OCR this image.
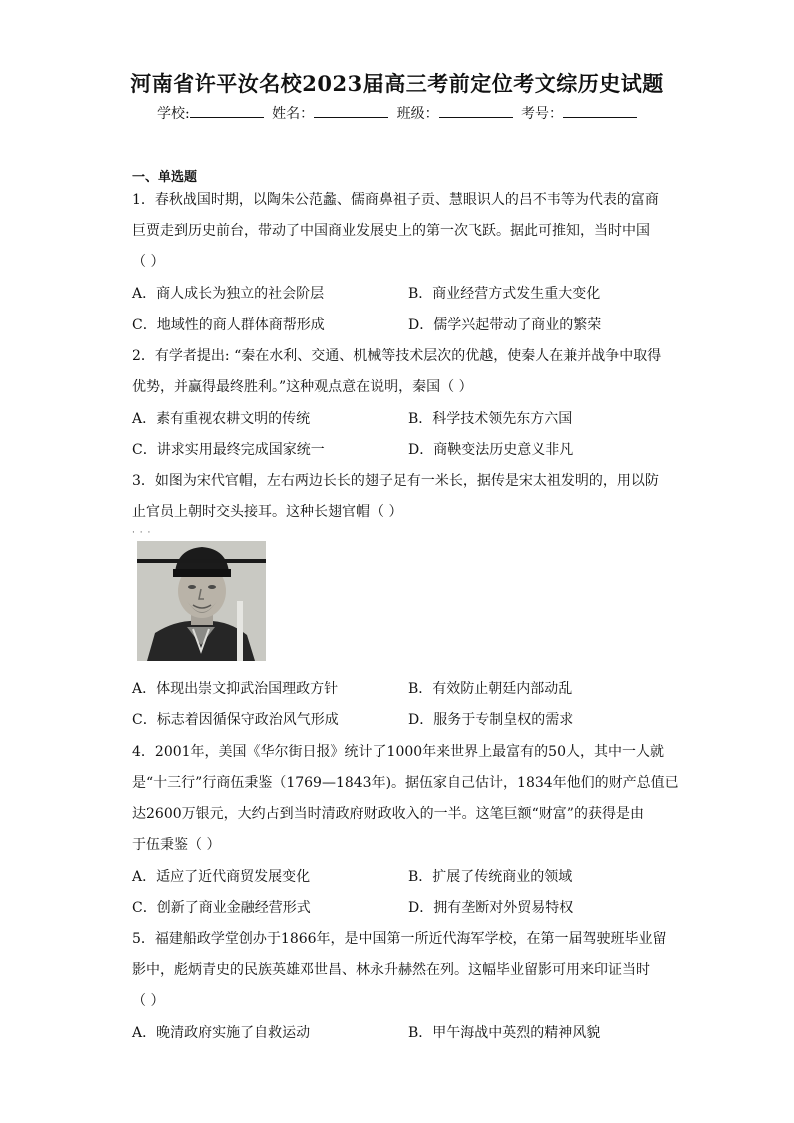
河南省许平汝名校2023届高三考前定位考文综历史试题
学校:	姓名：	班级：	考号：
一、单选题

1．春秋战国时期，以陶朱公范蠡、儒商鼻祖子贡、慧眼识人的吕不韦等为代表的富商

巨贾走到历史前台，带动了中国商业发展史上的第一次飞跃。据此可推知，当时中国

（ ）

A．商人成长为独立的社会阶层	B．商业经营方式发生重大变化
C．地域性的商人群体商帮形成	D．儒学兴起带动了商业的繁荣

2．有学者提出: “秦在水利、交通、机械等技术层次的优越，使秦人在兼并战争中取得

优势，并赢得最终胜利。”这种观点意在说明，秦国（ ）

A．素有重视农耕文明的传统	B．科学技术领先东方六国
C．讲求实用最终完成国家统一	D．商鞅变法历史意义非凡

3．如图为宋代官帽，左右两边长长的翅子足有一米长，据传是宋太祖发明的，用以防

止官员上朝时交头接耳。这种长翅官帽（ ）

· · ·
A．体现出崇文抑武治国理政方针	B．有效防止朝廷内部动乱
C．标志着因循保守政治风气形成	D．服务于专制皇权的需求

4．2001年，美国《华尔街日报》统计了1000年来世界上最富有的50人，其中一人就

是“十三行”行商伍秉鉴（1769—1843年)。据伍家自己估计，1834年他们的财产总值已

达2600万银元，大约占到当时清政府财政收入的一半。这笔巨额“财富”的获得是由

于伍秉鉴（ ）

A．适应了近代商贸发展变化	B．扩展了传统商业的领域
C．创新了商业金融经营形式	D．拥有垄断对外贸易特权

5．福建船政学堂创办于1866年，是中国第一所近代海军学校，在第一届驾驶班毕业留

影中，彪炳青史的民族英雄邓世昌、林永升赫然在列。这幅毕业留影可用来印证当时

（ ）

A．晚清政府实施了自救运动	B．甲午海战中英烈的精神风貌
